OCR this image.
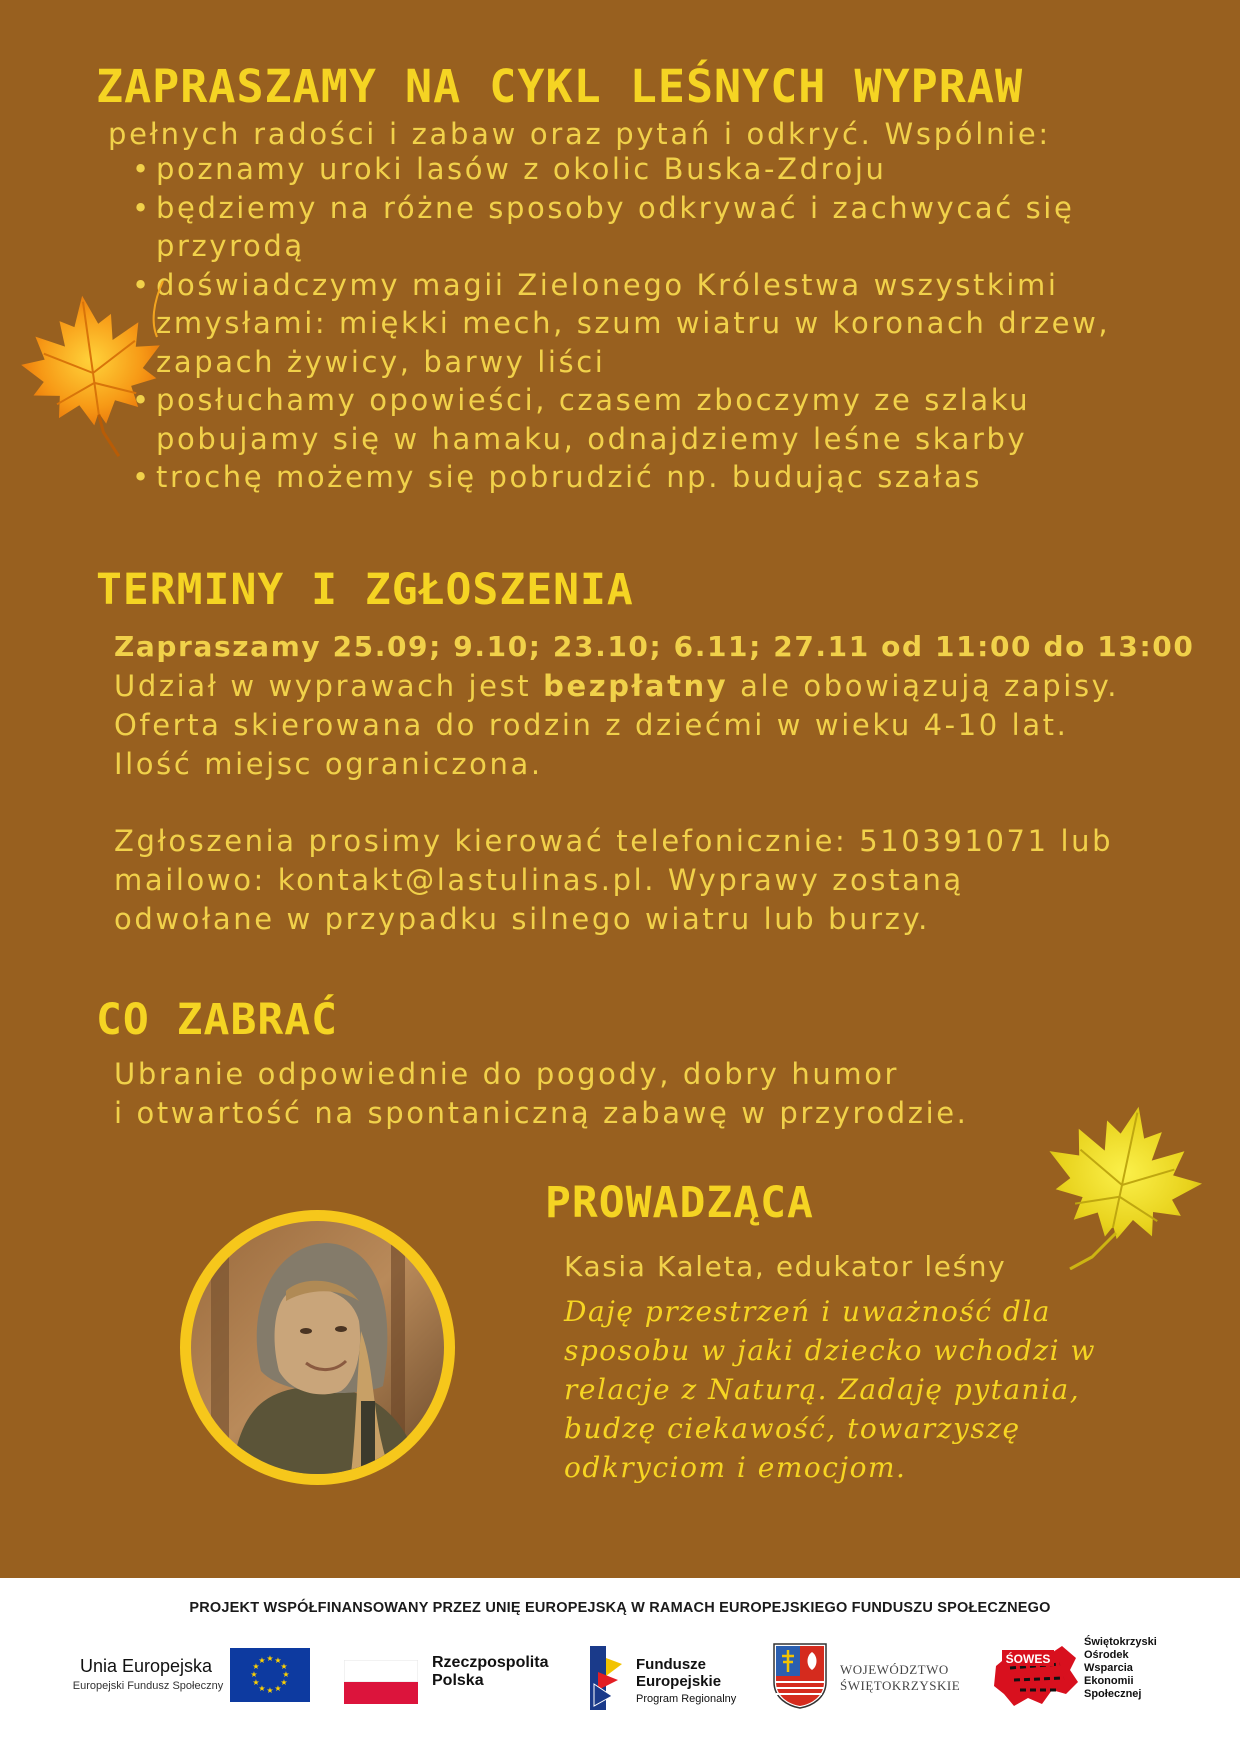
ZAPRASZAMY NA CYKL LEŚNYCH WYPRAW

pełnych radości i zabaw oraz pytań i odkryć. Wspólnie:

• poznamy uroki lasów z okolic Buska-Zdroju
• będziemy na różne sposoby odkrywać i zachwycać się przyrodą
• doświadczymy magii Zielonego Królestwa wszystkimi zmysłami: miękki mech, szum wiatru w koronach drzew, zapach żywicy, barwy liści
• posłuchamy opowieści, czasem zboczymy ze szlaku pobujamy się w hamaku, odnajdziemy leśne skarby
• trochę możemy się pobrudzić np. budując szałas
TERMINY I ZGŁOSZENIA

Zapraszamy 25.09; 9.10; 23.10; 6.11; 27.11 od 11:00 do 13:00

Udział w wyprawach jest bezpłatny ale obowiązują zapisy. Oferta skierowana do rodzin z dziećmi w wieku 4-10 lat. Ilość miejsc ograniczona.

Zgłoszenia prosimy kierować telefonicznie: 510391071 lub mailowo: kontakt@lastulinas.pl. Wyprawy zostaną odwołane w przypadku silnego wiatru lub burzy.

CO ZABRAĆ

Ubranie odpowiednie do pogody, dobry humor

i otwartość na spontaniczną zabawę w przyrodzie.

PROWADZĄCA

Kasia Kaleta, edukator leśny

Daję przestrzeń i uważność dla sposobu w jaki dziecko wchodzi w relacje z Naturą. Zadaję pytania, budzę ciekawość, towarzyszę odkryciom i emocjom.

PROJEKT WSPÓŁFINANSOWANY PRZEZ UNIĘ EUROPEJSKĄ W RAMACH EUROPEJSKIEGO FUNDUSZU SPOŁECZNEGO

Unia Europejska

Europejski Fundusz Społeczny

★ ★
★
★
★
★
★
★
★
★
★
★	Rzeczpospolita

Polska

Fundusze

Europejskie

Program Regionalny

WOJEWÓDZTWO

ŚWIĘTOKRZYSKIE

ŚOWES
Świętokrzyski
Ośrodek
Wsparcia
Ekonomii
Społecznej
